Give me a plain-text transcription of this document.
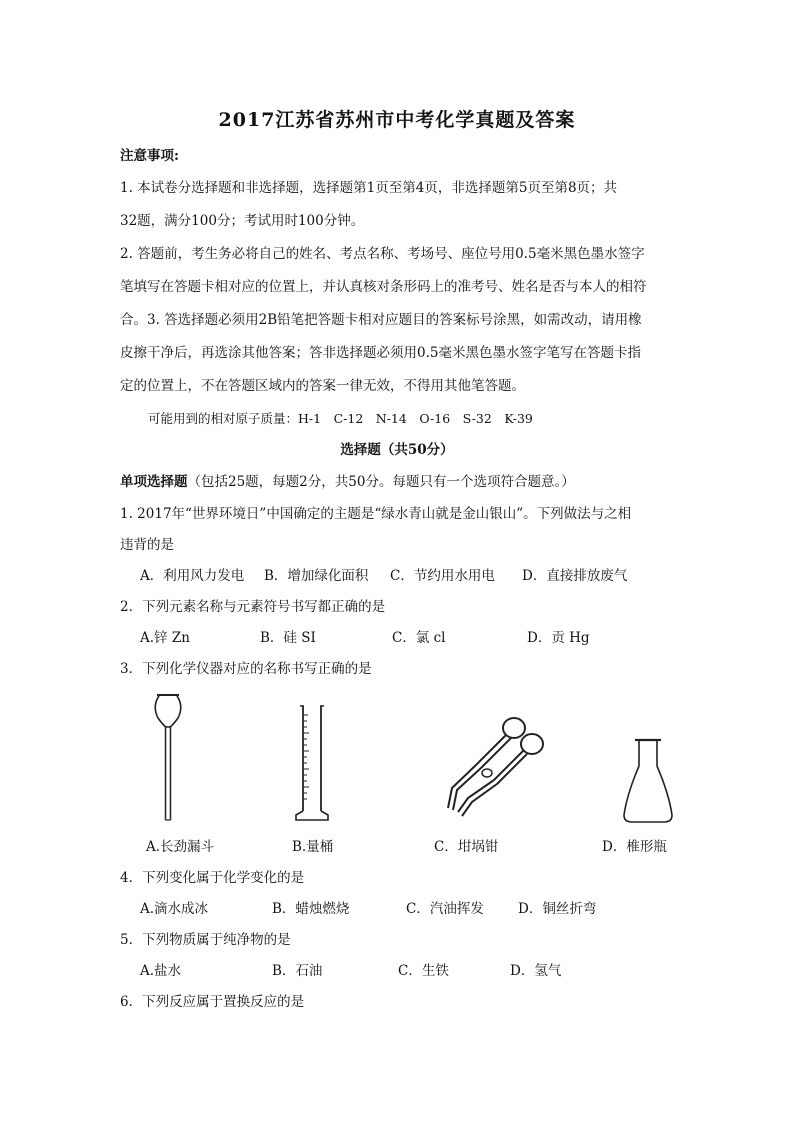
2017江苏省苏州市中考化学真题及答案
注意事项:
1. 本试卷分选择题和非选择题，选择题第1页至第4页，非选择题第5页至第8页；共
32题，满分100分；考试用时100分钟。
2. 答题前，考生务必将自己的姓名、考点名称、考场号、座位号用0.5毫米黑色墨水签字
笔填写在答题卡相对应的位置上，并认真核对条形码上的准考号、姓名是否与本人的相符
合。3. 答选择题必须用2B铅笔把答题卡相对应题目的答案标号涂黑，如需改动，请用橡
皮擦干净后，再选涂其他答案；答非选择题必须用0.5毫米黑色墨水签字笔写在答题卡指
定的位置上，不在答题区域内的答案一律无效，不得用其他笔答题。
可能用到的相对原子质量：H-1　C-12　N-14　O-16　S-32　K-39
选择题（共50分）
单项选择题（包括25题，每题2分，共50分。每题只有一个选项符合题意。）
1. 2017年“世界环境日”中国确定的主题是“绿水青山就是金山银山”。下列做法与之相
违背的是
A．利用风力发电 B．增加绿化面积 C．节约用水用电 D．直接排放废气
2．下列元素名称与元素符号书写都正确的是
A.锌 Zn	B．硅 SI	C．氯 cl	D．贡 Hg
3．下列化学仪器对应的名称书写正确的是
A.长劲漏斗	B.量桶	C．坩埚钳	D．椎形瓶
4．下列变化属于化学变化的是
A.滴水成冰	B．蜡烛燃烧	C．汽油挥发	D．铜丝折弯
5．下列物质属于纯净物的是
A.盐水	B．石油	C．生铁	D．氢气
6．下列反应属于置换反应的是
